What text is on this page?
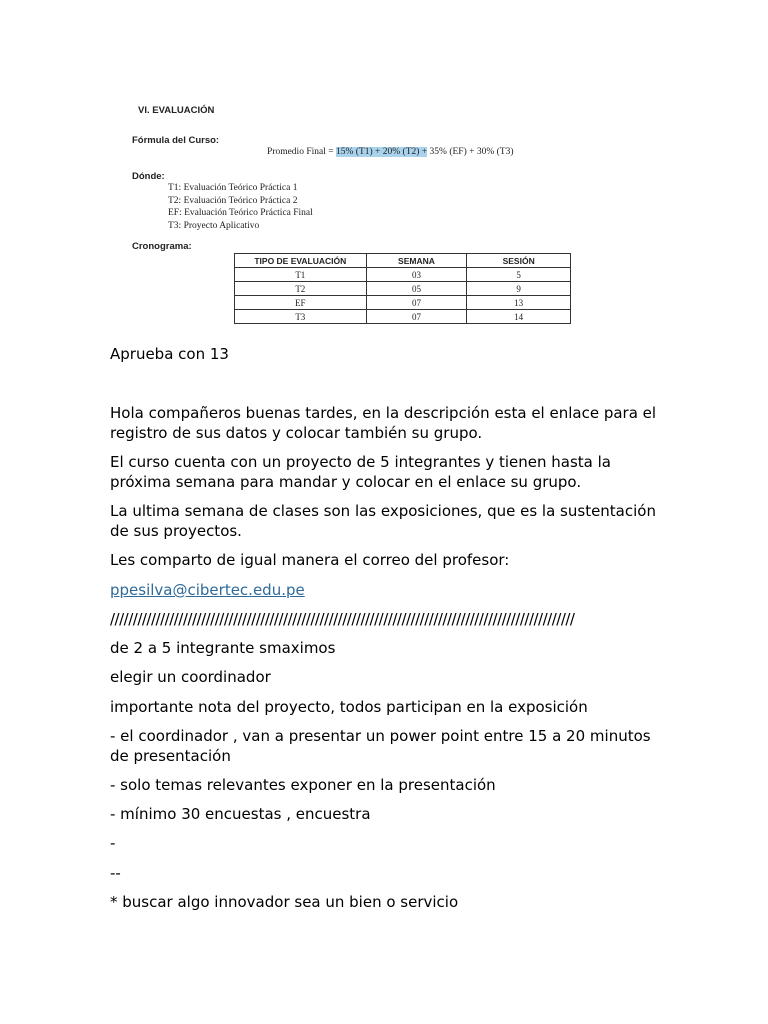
VI. EVALUACIÓN
Fórmula del Curso:
Promedio Final = 15% (T1) + 20% (T2) + 35% (EF) + 30% (T3)
Dónde:
T1: Evaluación Teórico Práctica 1
T2: Evaluación Teórico Práctica 2
EF: Evaluación Teórico Práctica Final
T3: Proyecto Aplicativo
Cronograma:
TIPO DE EVALUACIÓN	SEMANA	SESIÓN
T1	03	5
T2	05	9
EF	07	13
T3	07	14

Aprueba con 13

Hola compañeros buenas tardes, en la descripción esta el enlace para el registro de sus datos y colocar también su grupo.

El curso cuenta con un proyecto de 5 integrantes y tienen hasta la próxima semana para mandar y colocar en el enlace su grupo.

La ultima semana de clases son las exposiciones, que es la sustentación de sus proyectos.

Les comparto de igual manera el correo del profesor:

ppesilva@cibertec.edu.pe

//////////////////////////////////////////////////////////////////////////////////////////////////////

de 2 a 5 integrante smaximos

elegir un coordinador

importante nota del proyecto, todos participan en la exposición

- el coordinador , van a presentar un power point entre 15 a 20 minutos de presentación

- solo temas relevantes exponer en la presentación

- mínimo 30 encuestas , encuestra

-

--

* buscar algo innovador sea un bien o servicio
